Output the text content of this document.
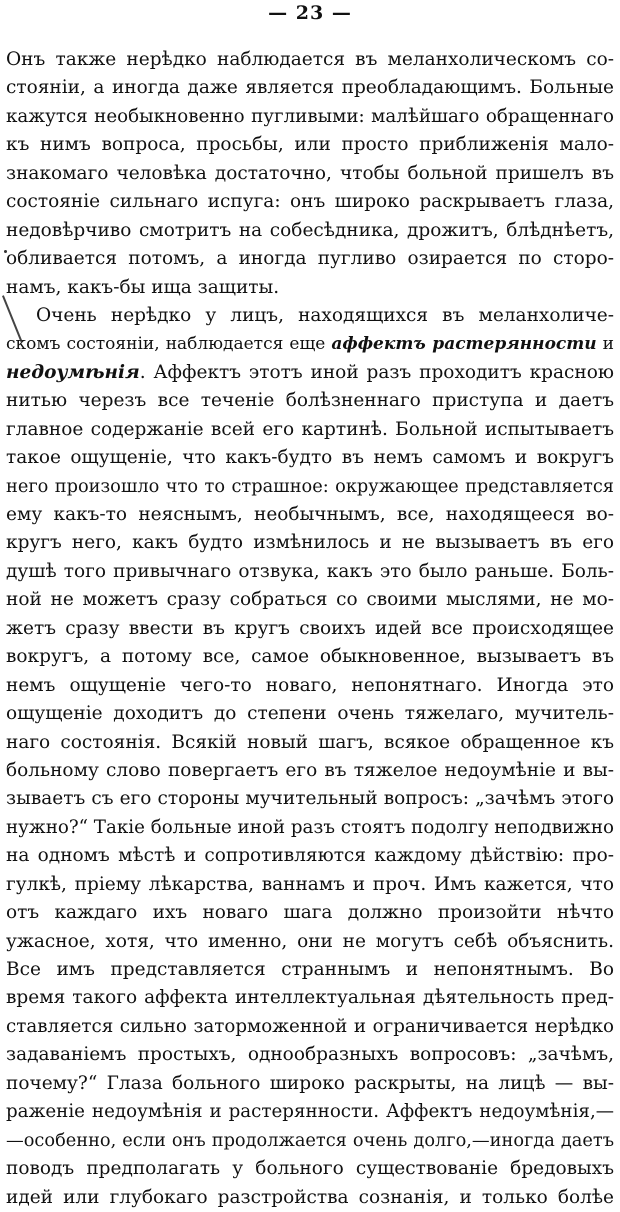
— 23 —
Онъ также нерѣдко наблюдается въ меланхолическомъ со-
стояніи, а иногда даже является преобладающимъ. Больные
кажутся необыкновенно пугливыми: малѣйшаго обращеннаго
къ нимъ вопроса, просьбы, или просто приближенія мало-
знакомаго человѣка достаточно, чтобы больной пришелъ въ
состояніе сильнаго испуга: онъ широко раскрываетъ глаза,
недовѣрчиво смотритъ на собесѣдника, дрожитъ, блѣднѣетъ,
обливается потомъ, а иногда пугливо озирается по сторо-
намъ, какъ-бы ища защиты.
Очень нерѣдко у лицъ, находящихся въ меланхоличе-
скомъ состояніи, наблюдается еще аффектъ растерянности и
недоумѣнія. Аффектъ этотъ иной разъ проходитъ красною
нитью черезъ все теченіе болѣзненнаго приступа и даетъ
главное содержаніе всей его картинѣ. Больной испытываетъ
такое ощущеніе, что какъ-будто въ немъ самомъ и вокругъ
него произошло что то страшное: окружающее представляется
ему какъ-то неяснымъ, необычнымъ, все, находящееся во-
кругъ него, какъ будто измѣнилось и не вызываетъ въ его
душѣ того привычнаго отзвука, какъ это было раньше. Боль-
ной не можетъ сразу собраться со своими мыслями, не мо-
жетъ сразу ввести въ кругъ своихъ идей все происходящее
вокругъ, а потому все, самое обыкновенное, вызываетъ въ
немъ ощущеніе чего-то новаго, непонятнаго. Иногда это
ощущеніе доходитъ до степени очень тяжелаго, мучитель-
наго состоянія. Всякій новый шагъ, всякое обращенное къ
больному слово повергаетъ его въ тяжелое недоумѣніе и вы-
зываетъ съ его стороны мучительный вопросъ: „зачѣмъ этого
нужно?“ Такіе больные иной разъ стоятъ подолгу неподвижно
на одномъ мѣстѣ и сопротивляются каждому дѣйствію: про-
гулкѣ, пріему лѣкарства, ваннамъ и проч. Имъ кажется, что
отъ каждаго ихъ новаго шага должно произойти нѣчто
ужасное, хотя, что именно, они не могутъ себѣ объяснить.
Все имъ представляется страннымъ и непонятнымъ. Во
время такого аффекта интеллектуальная дѣятельность пред-
ставляется сильно заторможенной и ограничивается нерѣдко
задаваніемъ простыхъ, однообразныхъ вопросовъ: „зачѣмъ,
почему?“ Глаза больного широко раскрыты, на лицѣ — вы-
раженіе недоумѣнія и растерянности. Аффектъ недоумѣнія,—
—особенно, если онъ продолжается очень долго,—иногда даетъ
поводъ предполагать у больного существованіе бредовыхъ
идей или глубокаго разстройства сознанія, и только болѣе
